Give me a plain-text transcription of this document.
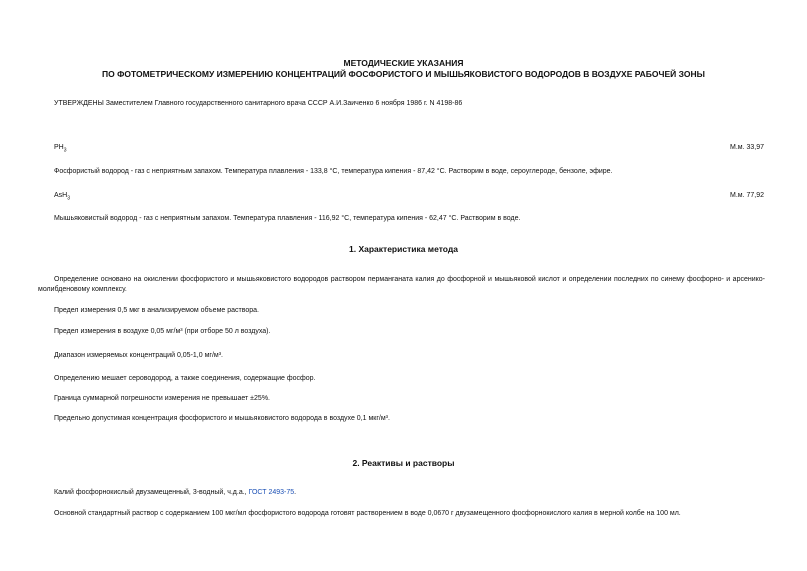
МЕТОДИЧЕСКИЕ УКАЗАНИЯ
ПО ФОТОМЕТРИЧЕСКОМУ ИЗМЕРЕНИЮ КОНЦЕНТРАЦИЙ ФОСФОРИСТОГО И МЫШЬЯКОВИСТОГО ВОДОРОДОВ В ВОЗДУХЕ РАБОЧЕЙ ЗОНЫ
УТВЕРЖДЕНЫ Заместителем Главного государственного санитарного врача СССР А.И.Заиченко 6 ноября 1986 г. N 4198-86
$PH_3$	М.м. 33,97
Фосфористый водород - газ с неприятным запахом. Температура плавления - 133,8 °С, температура кипения - 87,42 °С. Растворим в воде, сероуглероде, бензоле, эфире.
AsH$_3$	М.м. 77,92
Мышьяковистый водород - газ с неприятным запахом. Температура плавления - 116,92 °С, температура кипения - 62,47 °С. Растворим в воде.
1. Характеристика метода
Определение основано на окислении фосфористого и мышьяковистого водородов раствором перманганата калия до фосфорной и мышьяковой кислот и определении последних по синему фосфорно- и арсенико-молибденовому комплексу.
Предел измерения 0,5 мкг в анализируемом объеме раствора.
Предел измерения в воздухе 0,05 мг/м³ (при отборе 50 л воздуха).
Диапазон измеряемых концентраций 0,05-1,0 мг/м³.
Определению мешает сероводород, а также соединения, содержащие фосфор.
Граница суммарной погрешности измерения не превышает ±25%.
Предельно допустимая концентрация фосфористого и мышьяковистого водорода в воздухе 0,1 мкг/м³.
2. Реактивы и растворы
Калий фосфорнокислый двузамещенный, 3-водный, ч.д.а., ГОСТ 2493-75.
Основной стандартный раствор с содержанием 100 мкг/мл фосфористого водорода готовят растворением в воде 0,0670 г двузамещенного фосфорнокислого калия в мерной колбе на 100 мл.
